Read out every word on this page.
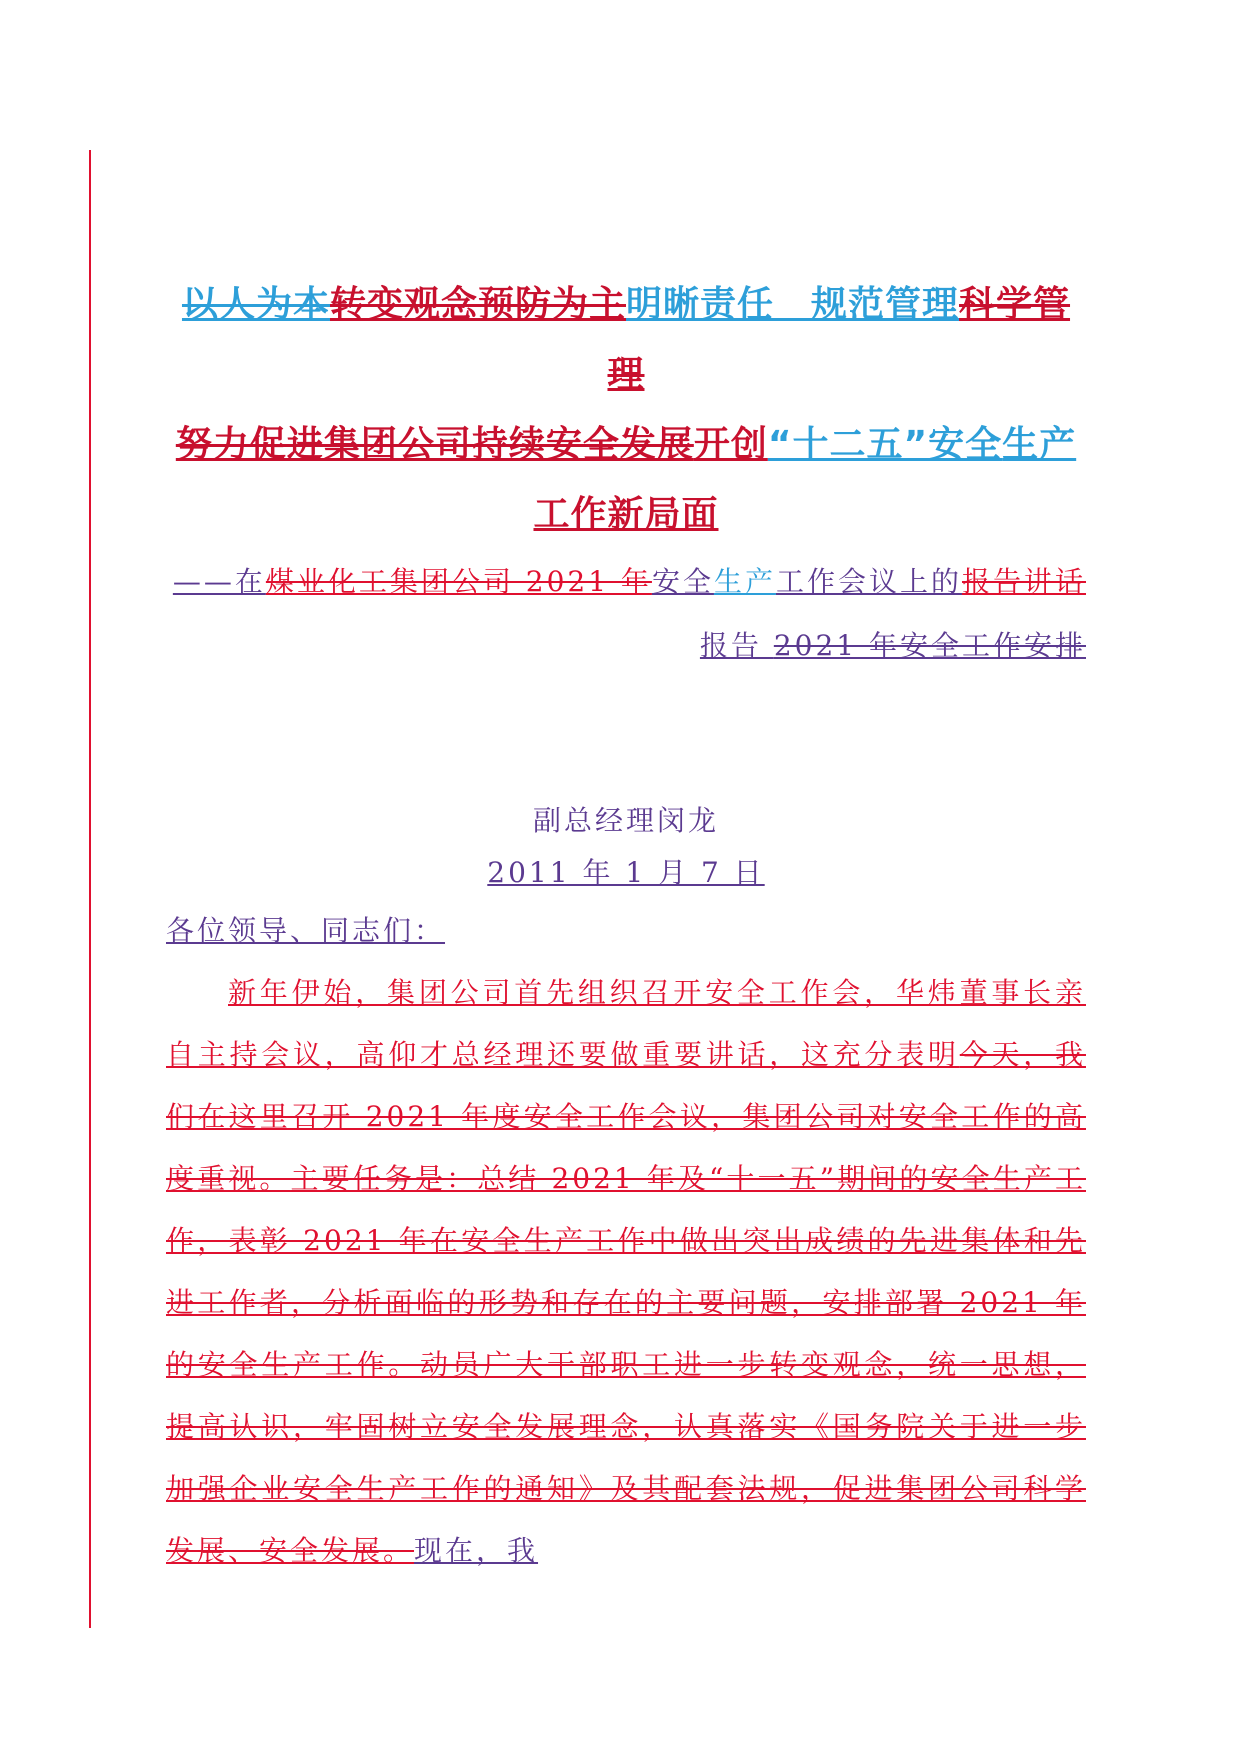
以人为本转变观念预防为主明晰责任　规范管理科学管理
努力促进集团公司持续安全发展开创“十二五”安全生产工作新局面
——在煤业化工集团公司 2021 年安全生产工作会议上的报告讲话报告 2021 年安全工作安排
副总经理闵龙
2011 年 1 月 7 日
各位领导、同志们：
新年伊始，集团公司首先组织召开安全工作会，华炜董事长亲自主持会议，高仰才总经理还要做重要讲话，这充分表明今天，我们在这里召开 2021 年度安全工作会议，集团公司对安全工作的高度重视。主要任务是：总结 2021 年及“十一五”期间的安全生产工作，表彰 2021 年在安全生产工作中做出突出成绩的先进集体和先进工作者，分析面临的形势和存在的主要问题，安排部署 2021 年的安全生产工作。动员广大干部职工进一步转变观念，统一思想，提高认识，牢固树立安全发展理念，认真落实《国务院关于进一步加强企业安全生产工作的通知》及其配套法规，促进集团公司科学发展、安全发展。现在，我
